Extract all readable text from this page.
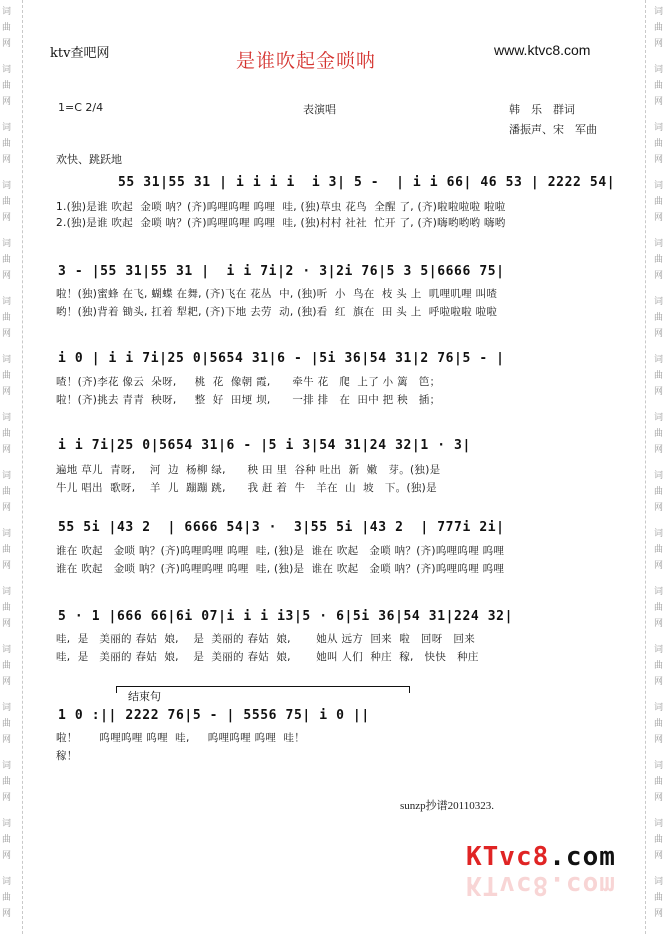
词
曲
网
词
曲
网
词
曲
网
词
曲
网
词
曲
网
词
曲
网
词
曲
网
词
曲
网
词
曲
网
词
曲
网
词
曲
网
词
曲
网
词
曲
网
词
曲
网
词
曲
网
词
曲
网
词
曲
网
词
曲
网
词
曲
网
词
曲
网
词
曲
网
词
曲
网
词
曲
网
词
曲
网
词
曲
网
词
曲
网
词
曲
网
词
曲
网
词
曲
网
词
曲
网
词
曲
网
词
曲
网
ktv查吧网	是谁吹起金唢呐	www.ktvc8.com
1=C 2/4	表演唱	韩　乐　群词
潘振声、宋　军曲
欢快、跳跃地
55 31|55 31 | i i i i  i 3| 5 -  | i i 66| 46 53 | 2222 54|
1.(独)是谁 吹起  金唢 呐？(齐)呜哩呜哩 呜哩  哇, (独)草虫 花鸟  全醒 了, (齐)啦啦啦啦 啦啦
2.(独)是谁 吹起  金唢 呐？(齐)呜哩呜哩 呜哩  哇, (独)村村 社社  忙开 了, (齐)嗨哟哟哟 嗨哟
3 - |55 31|55 31 |  i i 7i|2 · 3|2i 76|5 3 5|6666 75|
啦！(独)蜜蜂 在飞, 蝴蝶 在舞, (齐)飞在 花丛  中, (独)听  小  鸟在  枝 头 上  叽哩叽哩 叫喳
哟！(独)背着 锄头, 扛着 犁耙, (齐)下地 去劳  动, (独)看  红  旗在  田 头 上  呼啦啦啦 啦啦
i 0 | i i 7i|25 0|5654 31|6 - |5i 36|54 31|2 76|5 - |
喳！(齐)李花 像云  朵呀,     桃  花  像朝 霞,      牵牛 花   爬  上了 小 篱   笆；
啦！(齐)挑去 青青  秧呀,     整  好  田埂 坝,      一排 排   在  田中 把 秧   插；
i i 7i|25 0|5654 31|6 - |5 i 3|54 31|24 32|1 · 3|
遍地 草儿  青呀,    河  边  杨柳 绿,      秧 田 里  谷种 吐出  新  嫩   芽。(独)是
牛儿 唱出  歌呀,    羊  儿  蹦蹦 跳,      我 赶 着  牛   羊在  山  坡   下。(独)是
55 5i |43 2  | 6666 54|3 ·  3|55 5i |43 2  | 777i 2i|
谁在 吹起   金唢 呐？(齐)呜哩呜哩 呜哩  哇, (独)是  谁在 吹起   金唢 呐？(齐)呜哩呜哩 呜哩
谁在 吹起   金唢 呐？(齐)呜哩呜哩 呜哩  哇, (独)是  谁在 吹起   金唢 呐？(齐)呜哩呜哩 呜哩
5 · 1 |666 66|6i 07|i i i i3|5 · 6|5i 36|54 31|224 32|
哇,  是   美丽的 春姑  娘,    是  美丽的 春姑  娘,       她从 远方  回来  啦   回呀   回来
哇,  是   美丽的 春姑  娘,    是  美丽的 春姑  娘,       她叫 人们  种庄  稼,   快快   种庄
结束句
1 0 :|| 2222 76|5 - | 5556 75| i 0 ||
啦！      呜哩呜哩 呜哩  哇,     呜哩呜哩 呜哩  哇！
稼！
sunzp抄谱20110323.
KTvc8.com
KTvc8.com
